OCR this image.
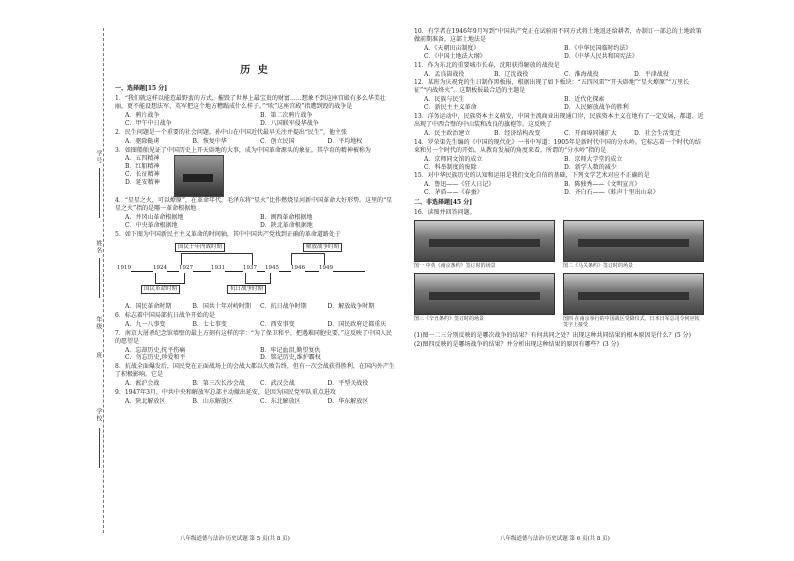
学号
姓名
年级
班
学校
历 史
一、选择题[15 分]
1．“我们就这样以能惹最野蛮的方式，摧毁了世界上最宝贵的财富……想象不到这座宫殿有多么华美壮丽，更不能设想法军、英军把这个地方糟蹋成什么样子。”“吹”这座宫殿”指遭到毁的战争是
A．鸦片战争	B．第二次鸦片战争
C．甲午中日战争	D．八国联军侵华战争
2．民生问题是一个重要的社会问题。孙中山在中国近代最早关注并提出“民生”，他主张
A．驱除鞑虏	B．恢复中华	C．创立民国	D．平均地权
3．如图船舶见证了中国历史上开天辟地的大事，成为中国革命源头的象征。其孕育的精神被称为
A．五四精神
B．红船精神
C．长征精神
D．延安精神
4．“星星之火，可以燎原”，在革命年代，毛泽东将“星火”比作燃烧星河新中国革命大好形势。这里的“星星之火”指的是哪一革命根据地
A．井冈山革命根据地	B．闽西革命根据地
C．中央革命根据地	D．陕北革命根据地
5．如下图为中国新民主主义革命的时间轴，其中中国共产党找到正确的革命道路处于
国民十年内战时期	解放战争时期
1919	1924 1927	1931	1937 1945 1946	1949
国民革命时期	抗日战争时期
A．国民革命时期	B．国共十年对峙时期	C．抗日战争时期	D．解放战争时期
6．标志着中国局部抗日战争开始的是
A．九一八事变	B．七七事变	C．西安事变	D．国民政府迁都重庆
7．南京大屠杀纪念馆墙壁的最上方刻有这样的字：“为了保卫和平，把遇难同胞史要，”这反映了中国人民的愿望是
A．忘却历史,抚平伤痛	B．牢记血泪,勤望复仇
C．勿忘历史,珍爱和平	D．铭记历史,维护霸权
8．抗战全面爆发后，国民党在正面战场上的会战大都以失败告终，但有一次会战获得胜利，在国内外产生了积极影响。它是
A．淞沪会战	B．第三次长沙会战	C．武汉会战	D．平型关战役
9．1947年3月，中共中央和解放军总部主动撤出延安，是因为国民党军队重点进攻
A．陕北解放区	B．山东解放区	C．东北解放区	D．华东解放区
八年级道德与法治·历史试题 第 5 页(共 8 页)
10．有学者在1946年9月写到“中国共产党正在试验用不同方式将土地返还给耕者，办制订一部总的土地政策做前期准备，这部土地法是
A．《天朝田亩制度》	B．《中华民国临时约法》
C．《中国土地法大纲》	D．《中华人民共和国宪法》
11．作为东北的重要城市长春，沈阳获得解放的战役是
A．孟良崮战役	B．辽沈战役	C．淮海战役	D．平津战役
12．某班为庆祝党的生日制作黑板报，根据出现了如下板块：“五四风雷”“开天辟地”“星火燎原”“万里长征”“内战烽火”。这期板报最合适的主题是
A．民族与民生	B．近代化探索
C．新民主主义革命	D．人民解放战争的胜利
13．洋务运动中，民族资本主义萌发，中国主流商业出现通口岸，民族资本主义在地有了一定发展，都道、近出现了中西合璧的中山装和改良的旗袍等。这反映了
A．民主政治建立	B．经济结构改变	C．开商埠同铺扩大	D．社会生活变迁
14．罗荣渠先生编的《中国的现代化》一书中写道：1905年是新时代中国的分水岭。它标志着一个时代的结束和另一个时代的开始。从教育发展的角度来看，所谓的“分水岭”指的是
A．京师同文馆的成立	B．京师大学堂的成立
C．科举制度的废除	D．新学人数的减少
15．对中华民族历史的认知和运用是我们文化自信的基础，下列文学艺术对应不正确的是
A．鲁迅——《狂人日记》	B．陈独秀——《文明宣言》
C．茅盾——《春蚕》	D．齐白石——《蛙声十里出山泉》
二、非选择题[45 分]
16．读图并回答问题。
图一 中英《南京条约》签订时的场景	图二《马关条约》签订时的场景
图三《辛丑条约》签订时的场景	图四 在南京举行的中国战区受降仪式，日本日军总司令何应钦签字上接受
(1)图一二三分别反映的是哪次战争的结果？有何共同之处？出现这种共同结果的根本原因是什么？(5 分)
(2)图四反映的是哪场战争的结果？并分析出现这种结果的原因有哪些？(3 分)
八年级道德与法治·历史试题 第 6 页(共 8 页)
